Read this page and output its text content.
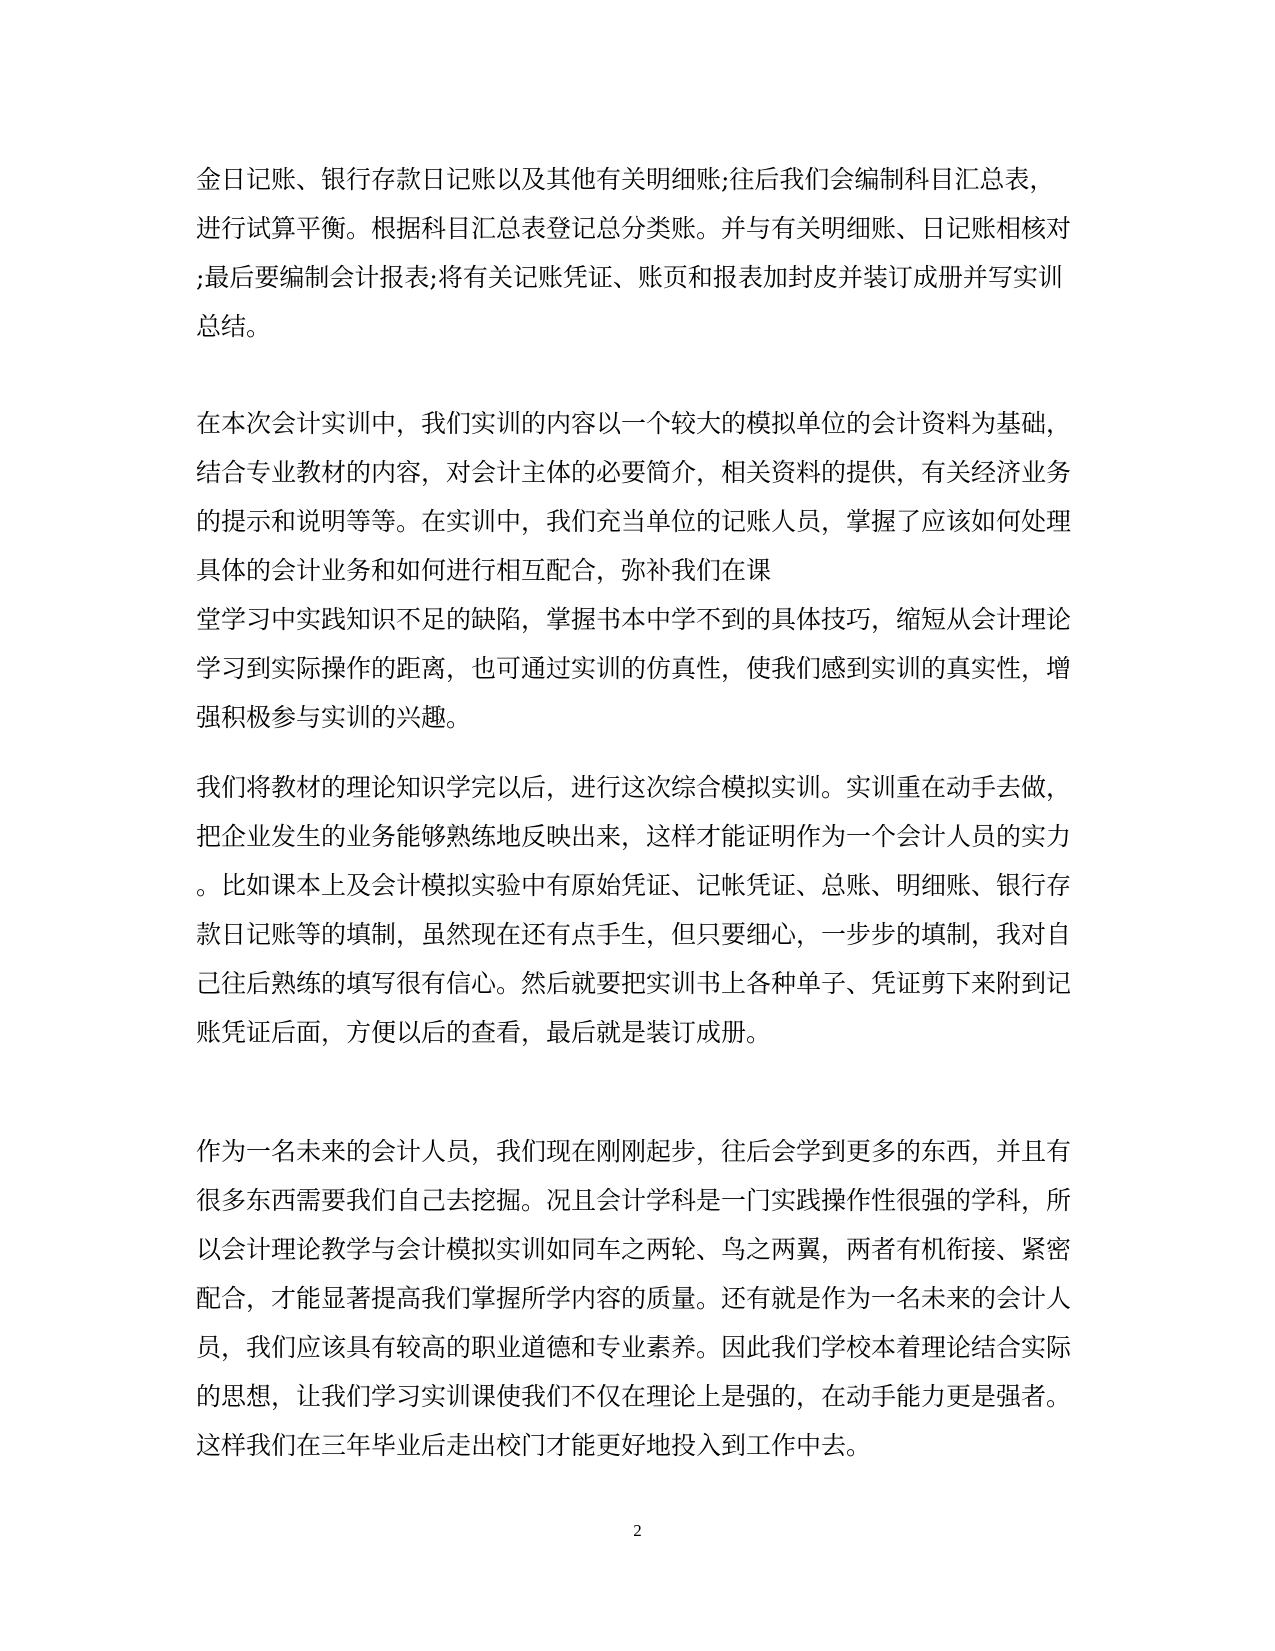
金日记账、银行存款日记账以及其他有关明细账;往后我们会编制科目汇总表，
进行试算平衡。根据科目汇总表登记总分类账。并与有关明细账、日记账相核对
;最后要编制会计报表;将有关记账凭证、账页和报表加封皮并装订成册并写实训
总结。
在本次会计实训中，我们实训的内容以一个较大的模拟单位的会计资料为基础，
结合专业教材的内容，对会计主体的必要简介，相关资料的提供，有关经济业务
的提示和说明等等。在实训中，我们充当单位的记账人员，掌握了应该如何处理
具体的会计业务和如何进行相互配合，弥补我们在课
堂学习中实践知识不足的缺陷，掌握书本中学不到的具体技巧，缩短从会计理论
学习到实际操作的距离，也可通过实训的仿真性，使我们感到实训的真实性，增
强积极参与实训的兴趣。
我们将教材的理论知识学完以后，进行这次综合模拟实训。实训重在动手去做，
把企业发生的业务能够熟练地反映出来，这样才能证明作为一个会计人员的实力
。比如课本上及会计模拟实验中有原始凭证、记帐凭证、总账、明细账、银行存
款日记账等的填制，虽然现在还有点手生，但只要细心，一步步的填制，我对自
己往后熟练的填写很有信心。然后就要把实训书上各种单子、凭证剪下来附到记
账凭证后面，方便以后的查看，最后就是装订成册。
作为一名未来的会计人员，我们现在刚刚起步，往后会学到更多的东西，并且有
很多东西需要我们自己去挖掘。况且会计学科是一门实践操作性很强的学科，所
以会计理论教学与会计模拟实训如同车之两轮、鸟之两翼，两者有机衔接、紧密
配合，才能显著提高我们掌握所学内容的质量。还有就是作为一名未来的会计人
员，我们应该具有较高的职业道德和专业素养。因此我们学校本着理论结合实际
的思想，让我们学习实训课使我们不仅在理论上是强的，在动手能力更是强者。
这样我们在三年毕业后走出校门才能更好地投入到工作中去。
2
